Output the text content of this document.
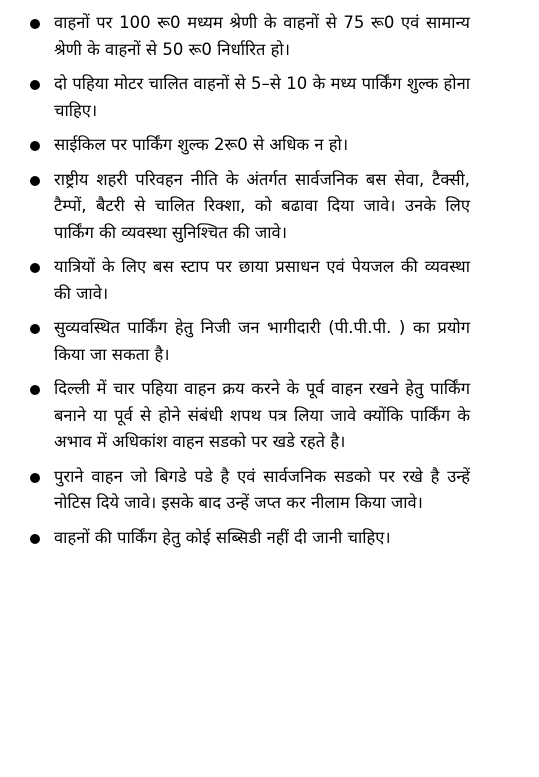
वाहनों पर 100 रू0 मध्यम श्रेणी के वाहनों से 75 रू0 एवं सामान्य श्रेणी के वाहनों से 50 रू0 निर्धारित हो।
दो पहिया मोटर चालित वाहनों से 5–से 10 के मध्य पार्किंग शुल्क होना चाहिए।
साईकिल पर पार्किंग शुल्क 2रू0 से अधिक न हो।
राष्ट्रीय शहरी परिवहन नीति के अंतर्गत सार्वजनिक बस सेवा, टैक्सी, टैम्पों, बैटरी से चालित रिक्शा, को बढावा दिया जावे। उनके लिए पार्किंग की व्यवस्था सुनिश्चित की जावे।
यात्रियों के लिए बस स्टाप पर छाया प्रसाधन एवं पेयजल की व्यवस्था की जावे।
सुव्यवस्थित पार्किंग हेतु निजी जन भागीदारी (पी.पी.पी. ) का प्रयोग किया जा सकता है।
दिल्ली में चार पहिया वाहन क्रय करने के पूर्व वाहन रखने हेतु पार्किंग बनाने या पूर्व से होने संबंधी शपथ पत्र लिया जावे क्योंकि पार्किंग के अभाव में अधिकांश वाहन सडको पर खडे रहते है।
पुराने वाहन जो बिगडे पडे है एवं सार्वजनिक सडको पर रखे है उन्हें नोटिस दिये जावे। इसके बाद उन्हें जप्त कर नीलाम किया जावे।
वाहनों की पार्किंग हेतु कोई सब्सिडी नहीं दी जानी चाहिए।
